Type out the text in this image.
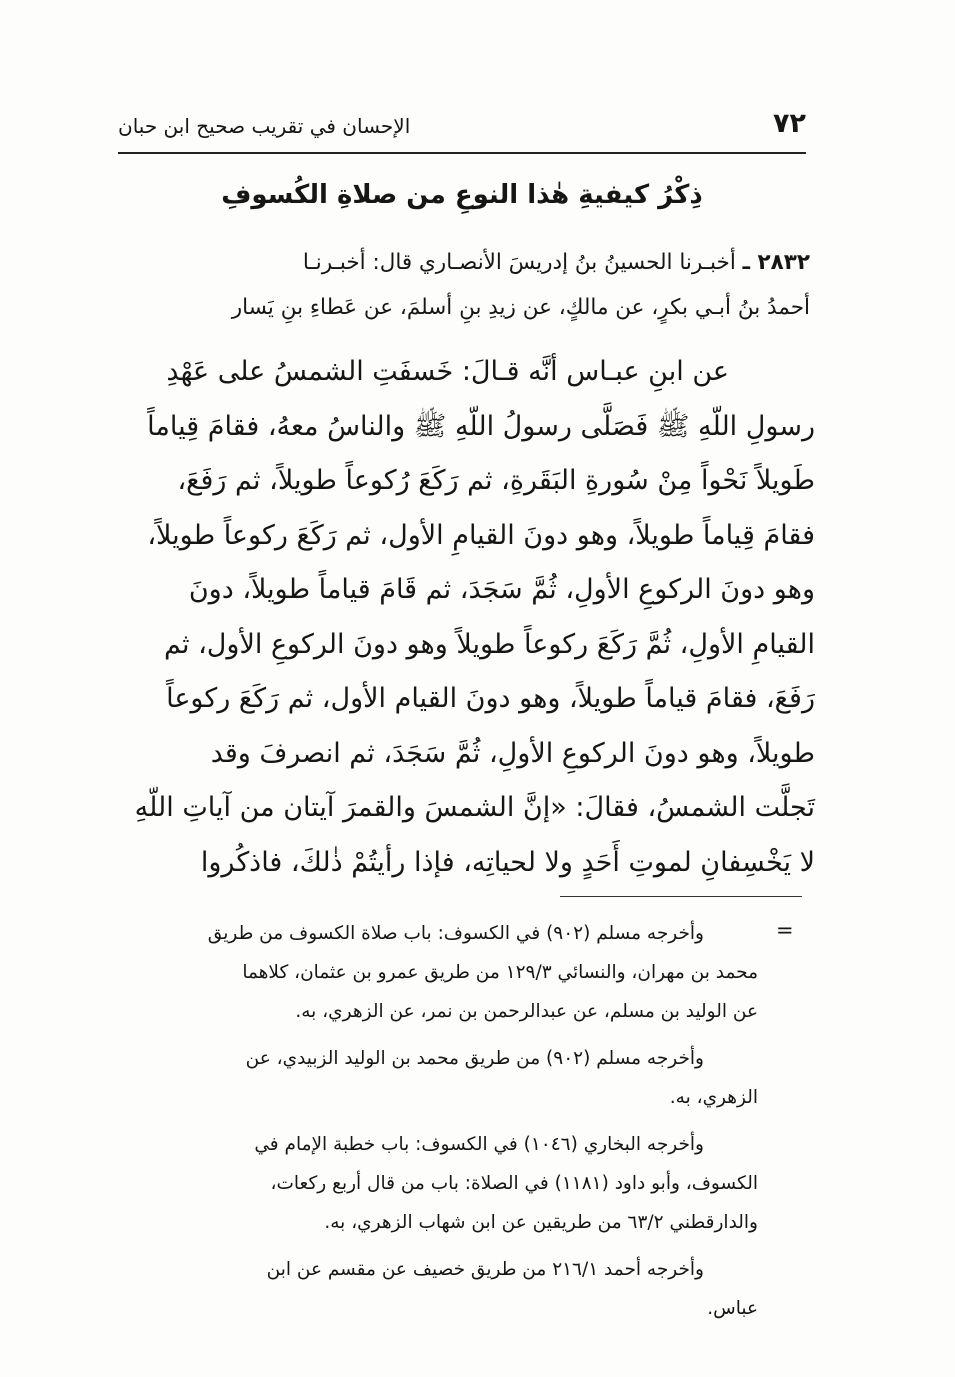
٧٢
الإحسان في تقريب صحيح ابن حبان
ذِكْرُ كيفيةِ هٰذا النوعِ من صلاةِ الكُسوفِ
٢٨٣٢ ـ أخبـرنا الحسينُ بنُ إدريسَ الأنصـاري قال: أخبـرنـا
أحمدُ بنُ أبـي بكرٍ، عن مالكٍ، عن زيدِ بنِ أسلمَ، عن عَطاءِ بنِ يَسار
عن ابنِ عبـاس أنَّه قـالَ: خَسفَتِ الشمسُ على عَهْدِ
رسولِ اللّهِ ﷺ فَصَلَّى رسولُ اللّهِ ﷺ والناسُ معهُ، فقامَ قِياماً
طَويلاً نَحْواً مِنْ سُورةِ البَقَرةِ، ثم رَكَعَ رُكوعاً طويلاً، ثم رَفَعَ،
فقامَ قِياماً طويلاً، وهو دونَ القيامِ الأول، ثم رَكَعَ ركوعاً طويلاً،
وهو دونَ الركوعِ الأولِ، ثُمَّ سَجَدَ، ثم قَامَ قياماً طويلاً، دونَ
القيامِ الأولِ، ثُمَّ رَكَعَ ركوعاً طويلاً وهو دونَ الركوعِ الأول، ثم
رَفَعَ، فقامَ قياماً طويلاً، وهو دونَ القيام الأول، ثم رَكَعَ ركوعاً
طويلاً، وهو دونَ الركوعِ الأولِ، ثُمَّ سَجَدَ، ثم انصرفَ وقد
تَجلَّت الشمسُ، فقالَ: «إنَّ الشمسَ والقمرَ آيتان من آياتِ اللّهِ
لا يَخْسِفانِ لموتِ أَحَدٍ ولا لحياتِه، فإذا رأيتُمْ ذٰلكَ، فاذكُروا
=

وأخرجه مسلم (٩٠٢) في الكسوف: باب صلاة الكسوف من طريق
محمد بن مهران، والنسائي ١٢٩/٣ من طريق عمرو بن عثمان، كلاهما
عن الوليد بن مسلم، عن عبدالرحمن بن نمر، عن الزهري، به.

وأخرجه مسلم (٩٠٢) من طريق محمد بن الوليد الزبيدي، عن
الزهري، به.

وأخرجه البخاري (١٠٤٦) في الكسوف: باب خطبة الإمام في
الكسوف، وأبو داود (١١٨١) في الصلاة: باب من قال أربع ركعات،
والدارقطني ٦٣/٢ من طريقين عن ابن شهاب الزهري، به.

وأخرجه أحمد ٢١٦/١ من طريق خصيف عن مقسم عن ابن
عباس.
